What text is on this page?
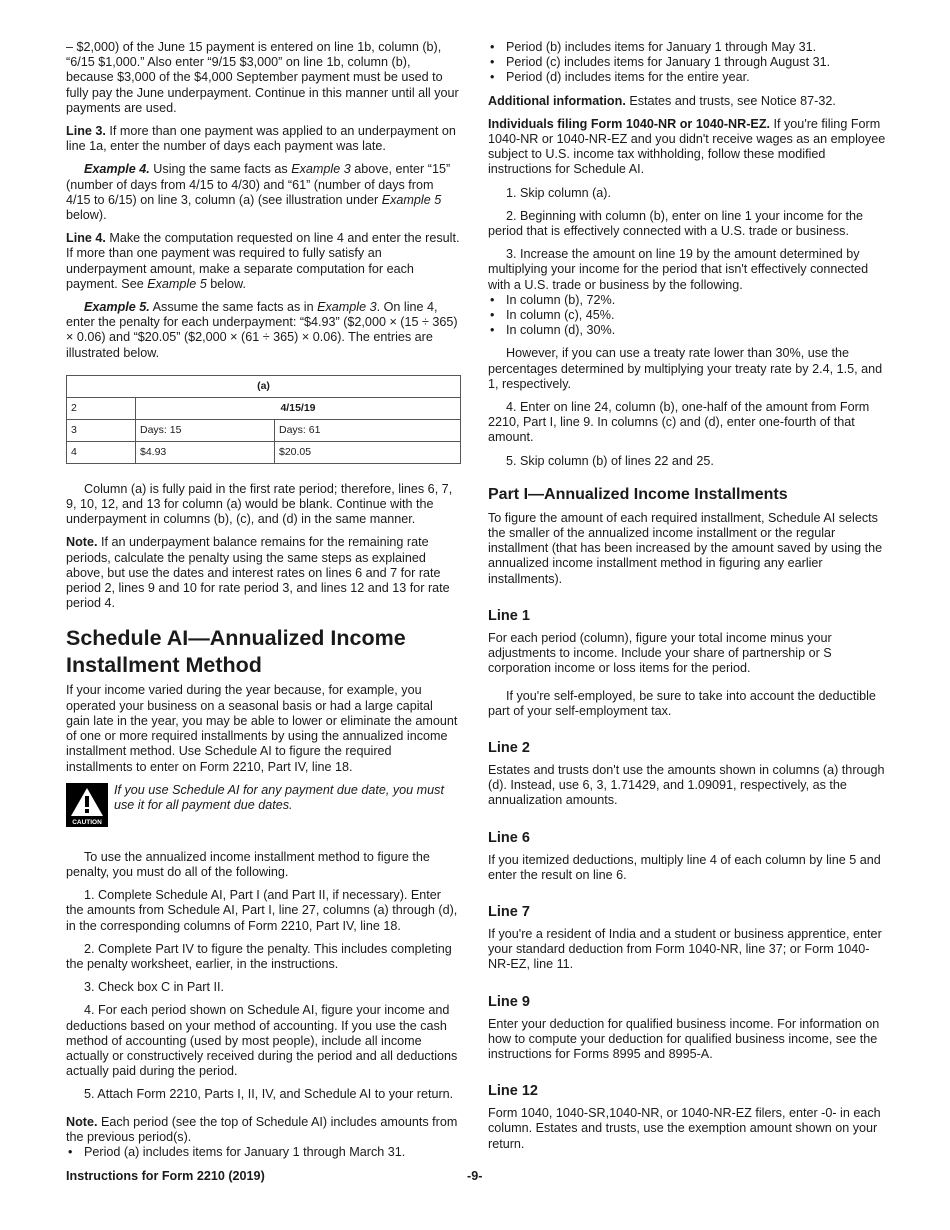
– $2,000) of the June 15 payment is entered on line 1b, column (b), “6/15 $1,000.” Also enter “9/15 $3,000” on line 1b, column (b), because $3,000 of the $4,000 September payment must be used to fully pay the June underpayment. Continue in this manner until all your payments are used.

Line 3. If more than one payment was applied to an underpayment on line 1a, enter the number of days each payment was late.

Example 4. Using the same facts as Example 3 above, enter “15” (number of days from 4/15 to 4/30) and “61” (number of days from 4/15 to 6/15) on line 3, column (a) (see illustration under Example 5 below).

Line 4. Make the computation requested on line 4 and enter the result. If more than one payment was required to fully satisfy an underpayment amount, make a separate computation for each payment. See Example 5 below.

Example 5. Assume the same facts as in Example 3. On line 4, enter the penalty for each underpayment: “$4.93” ($2,000 × (15 ÷ 365) × 0.06) and “$20.05” ($2,000 × (61 ÷ 365) × 0.06). The entries are illustrated below.

(a)		
2	4/15/19	
3	Days: 15	Days: 61
4	$4.93	$20.05

Column (a) is fully paid in the first rate period; therefore, lines 6, 7, 9, 10, 12, and 13 for column (a) would be blank. Continue with the underpayment in columns (b), (c), and (d) in the same manner.

Note. If an underpayment balance remains for the remaining rate periods, calculate the penalty using the same steps as explained above, but use the dates and interest rates on lines 6 and 7 for rate period 2, lines 9 and 10 for rate period 3, and lines 12 and 13 for rate period 4.

Schedule AI—Annualized Income Installment Method

If your income varied during the year because, for example, you operated your business on a seasonal basis or had a large capital gain late in the year, you may be able to lower or eliminate the amount of one or more required installments by using the annualized income installment method. Use Schedule AI to figure the required installments to enter on Form 2210, Part IV, line 18.

CAUTION

If you use Schedule AI for any payment due date, you must use it for all payment due dates.

To use the annualized income installment method to figure the penalty, you must do all of the following.

1. Complete Schedule AI, Part I (and Part II, if necessary). Enter the amounts from Schedule AI, Part I, line 27, columns (a) through (d), in the corresponding columns of Form 2210, Part IV, line 18.

2. Complete Part IV to figure the penalty. This includes completing the penalty worksheet, earlier, in the instructions.

3. Check box C in Part II.

4. For each period shown on Schedule AI, figure your income and deductions based on your method of accounting. If you use the cash method of accounting (used by most people), include all income actually or constructively received during the period and all deductions actually paid during the period.

5. Attach Form 2210, Parts I, II, IV, and Schedule AI to your return.

Note. Each period (see the top of Schedule AI) includes amounts from the previous period(s).

• Period (a) includes items for January 1 through March 31.
• Period (b) includes items for January 1 through May 31.
• Period (c) includes items for January 1 through August 31.
• Period (d) includes items for the entire year.

Additional information. Estates and trusts, see Notice 87-32.

Individuals filing Form 1040-NR or 1040-NR-EZ. If you're filing Form 1040-NR or 1040-NR-EZ and you didn't receive wages as an employee subject to U.S. income tax withholding, follow these modified instructions for Schedule AI.

1. Skip column (a).

2. Beginning with column (b), enter on line 1 your income for the period that is effectively connected with a U.S. trade or business.

3. Increase the amount on line 19 by the amount determined by multiplying your income for the period that isn't effectively connected with a U.S. trade or business by the following.

• In column (b), 72%.
• In column (c), 45%.
• In column (d), 30%.

However, if you can use a treaty rate lower than 30%, use the percentages determined by multiplying your treaty rate by 2.4, 1.5, and 1, respectively.

4. Enter on line 24, column (b), one-half of the amount from Form 2210, Part I, line 9. In columns (c) and (d), enter one-fourth of that amount.

5. Skip column (b) of lines 22 and 25.

Part I—Annualized Income Installments

To figure the amount of each required installment, Schedule AI selects the smaller of the annualized income installment or the regular installment (that has been increased by the amount saved by using the annualized income installment method in figuring any earlier installments).

Line 1

For each period (column), figure your total income minus your adjustments to income. Include your share of partnership or S corporation income or loss items for the period.

If you're self-employed, be sure to take into account the deductible part of your self-employment tax.

Line 2

Estates and trusts don't use the amounts shown in columns (a) through (d). Instead, use 6, 3, 1.71429, and 1.09091, respectively, as the annualization amounts.

Line 6

If you itemized deductions, multiply line 4 of each column by line 5 and enter the result on line 6.

Line 7

If you're a resident of India and a student or business apprentice, enter your standard deduction from Form 1040-NR, line 37; or Form 1040-NR-EZ, line 11.

Line 9

Enter your deduction for qualified business income. For information on how to compute your deduction for qualified business income, see the instructions for Forms 8995 and 8995-A.

Line 12

Form 1040, 1040-SR,1040-NR, or 1040-NR-EZ filers, enter -0- in each column. Estates and trusts, use the exemption amount shown on your return.

Instructions for Form 2210 (2019)	-9-
